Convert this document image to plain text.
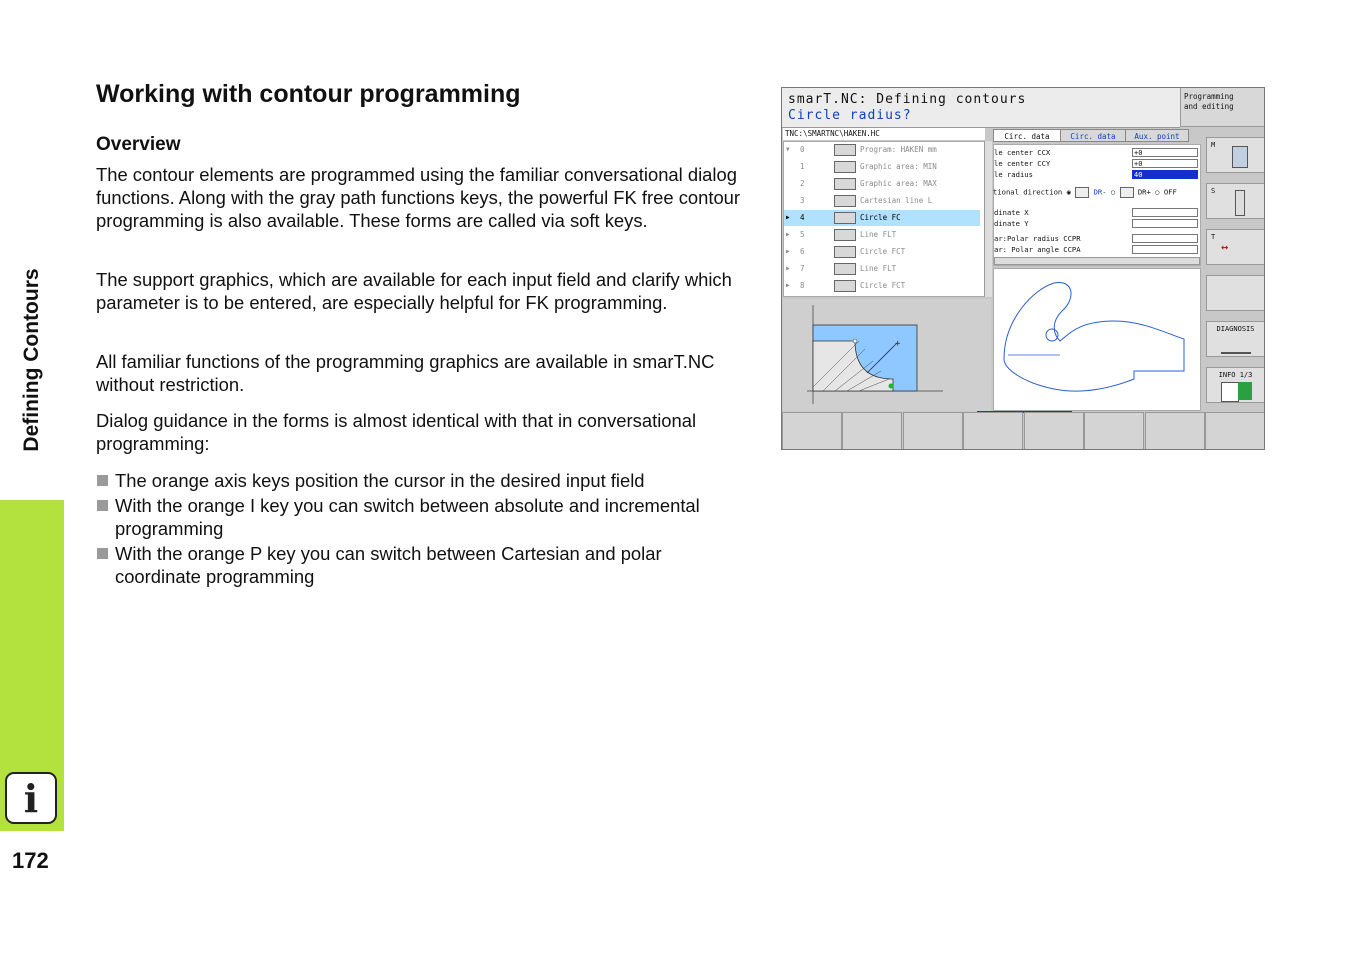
Defining Contours
i
172
Working with contour programming
Overview

The contour elements are programmed using the familiar conversational dialog functions. Along with the gray path functions keys, the powerful FK free contour programming is also available. These forms are called via soft keys.

The support graphics, which are available for each input field and clarify which parameter is to be entered, are especially helpful for FK programming.

All familiar functions of the programming graphics are available in smarT.NC without restriction.

Dialog guidance in the forms is almost identical with that in conversational programming:

The orange axis keys position the cursor in the desired input field
With the orange I key you can switch between absolute and incremental programming
With the orange P key you can switch between Cartesian and polar coordinate programming
smarT.NC: Defining contours
Circle radius?
Programming
and editing
TNC:\SMARTNC\HAKEN.HC
▼ 0	Program: HAKEN mm
1	Graphic area: MIN
2	Graphic area: MAX
3	Cartesian line L
▶ 4	Circle FC
▶ 5	Line FLT
▶ 6	Circle FCT
▶ 7	Line FLT
▶ 8	Circle FCT
Circ. data	Circ. data	Aux. point
le center CCX	+0
le center CCY	+0
le radius	40
tional direction ◉	DR- ○	DR+ ○ OFF
dinate X
dinate Y
ar:Polar radius CCPR
ar: Polar angle CCPA
+
M
S
T
↔
DIAGNOSIS
INFO 1/3
